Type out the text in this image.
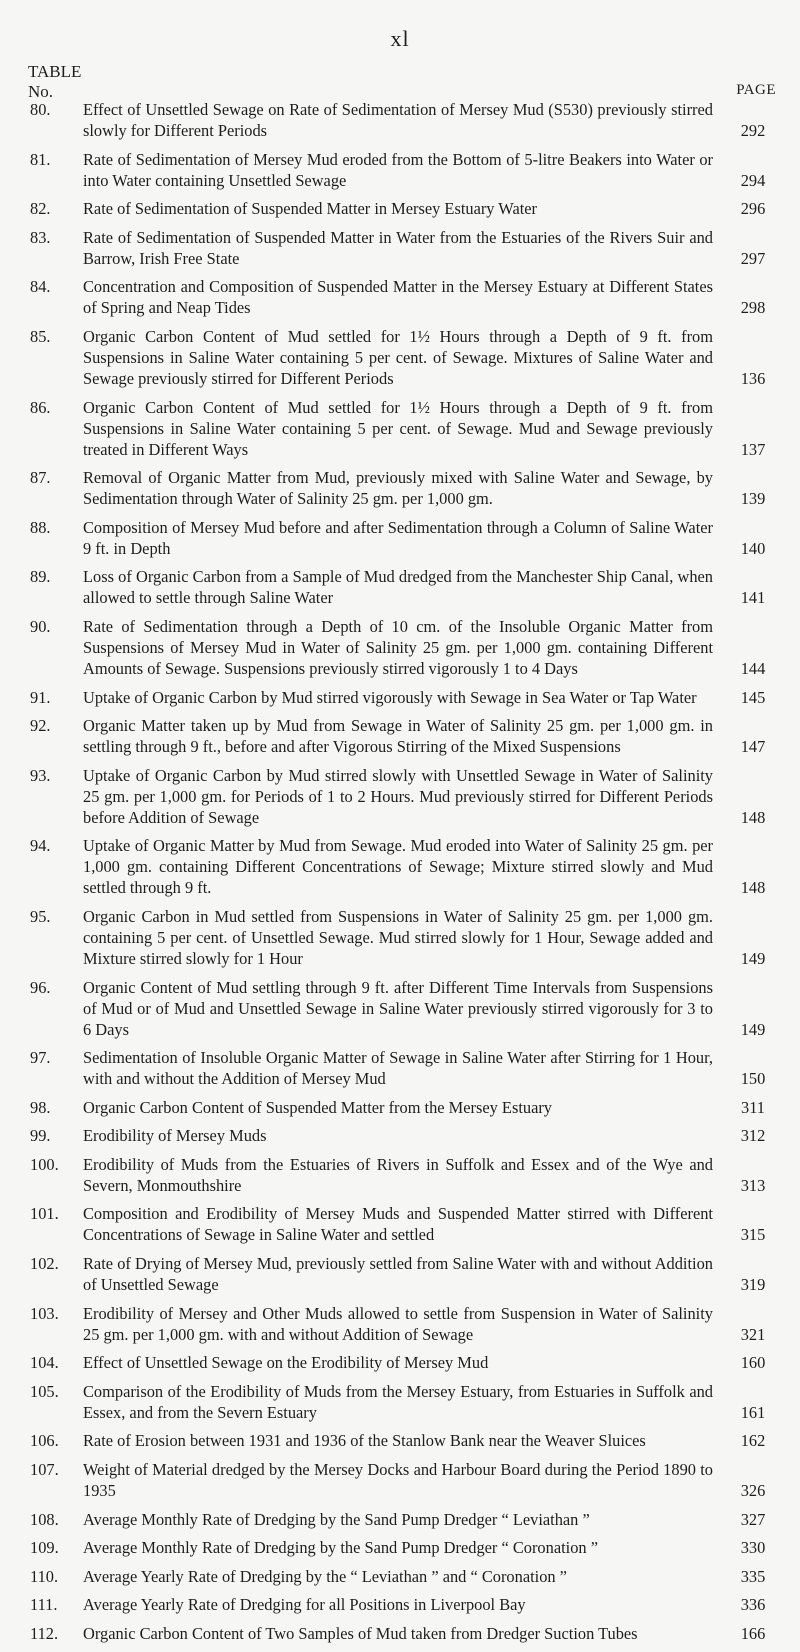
xl
TABLE
No.	PAGE
80.	Effect of Unsettled Sewage on Rate of Sedimentation of Mersey Mud (S530) previously stirred slowly for Different Periods	292
81.	Rate of Sedimentation of Mersey Mud eroded from the Bottom of 5-litre Beakers into Water or into Water containing Unsettled Sewage	294
82.	Rate of Sedimentation of Suspended Matter in Mersey Estuary Water	296
83.	Rate of Sedimentation of Suspended Matter in Water from the Estuaries of the Rivers Suir and Barrow, Irish Free State	297
84.	Concentration and Composition of Suspended Matter in the Mersey Estuary at Different States of Spring and Neap Tides	298
85.	Organic Carbon Content of Mud settled for 1½ Hours through a Depth of 9 ft. from Suspensions in Saline Water containing 5 per cent. of Sewage. Mixtures of Saline Water and Sewage previously stirred for Different Periods	136
86.	Organic Carbon Content of Mud settled for 1½ Hours through a Depth of 9 ft. from Suspensions in Saline Water containing 5 per cent. of Sewage. Mud and Sewage previously treated in Different Ways	137
87.	Removal of Organic Matter from Mud, previously mixed with Saline Water and Sewage, by Sedimentation through Water of Salinity 25 gm. per 1,000 gm.	139
88.	Composition of Mersey Mud before and after Sedimentation through a Column of Saline Water 9 ft. in Depth	140
89.	Loss of Organic Carbon from a Sample of Mud dredged from the Manchester Ship Canal, when allowed to settle through Saline Water	141
90.	Rate of Sedimentation through a Depth of 10 cm. of the Insoluble Organic Matter from Suspensions of Mersey Mud in Water of Salinity 25 gm. per 1,000 gm. containing Different Amounts of Sewage. Suspensions previously stirred vigorously 1 to 4 Days	144
91.	Uptake of Organic Carbon by Mud stirred vigorously with Sewage in Sea Water or Tap Water	145
92.	Organic Matter taken up by Mud from Sewage in Water of Salinity 25 gm. per 1,000 gm. in settling through 9 ft., before and after Vigorous Stirring of the Mixed Suspensions	147
93.	Uptake of Organic Carbon by Mud stirred slowly with Unsettled Sewage in Water of Salinity 25 gm. per 1,000 gm. for Periods of 1 to 2 Hours. Mud previously stirred for Different Periods before Addition of Sewage	148
94.	Uptake of Organic Matter by Mud from Sewage. Mud eroded into Water of Salinity 25 gm. per 1,000 gm. containing Different Concentrations of Sewage; Mixture stirred slowly and Mud settled through 9 ft.	148
95.	Organic Carbon in Mud settled from Suspensions in Water of Salinity 25 gm. per 1,000 gm. containing 5 per cent. of Unsettled Sewage. Mud stirred slowly for 1 Hour, Sewage added and Mixture stirred slowly for 1 Hour	149
96.	Organic Content of Mud settling through 9 ft. after Different Time Intervals from Suspensions of Mud or of Mud and Unsettled Sewage in Saline Water previously stirred vigorously for 3 to 6 Days	149
97.	Sedimentation of Insoluble Organic Matter of Sewage in Saline Water after Stirring for 1 Hour, with and without the Addition of Mersey Mud	150
98.	Organic Carbon Content of Suspended Matter from the Mersey Estuary	311
99.	Erodibility of Mersey Muds	312
100.	Erodibility of Muds from the Estuaries of Rivers in Suffolk and Essex and of the Wye and Severn, Monmouthshire	313
101.	Composition and Erodibility of Mersey Muds and Suspended Matter stirred with Different Concentrations of Sewage in Saline Water and settled	315
102.	Rate of Drying of Mersey Mud, previously settled from Saline Water with and without Addition of Unsettled Sewage	319
103.	Erodibility of Mersey and Other Muds allowed to settle from Suspension in Water of Salinity 25 gm. per 1,000 gm. with and without Addition of Sewage	321
104.	Effect of Unsettled Sewage on the Erodibility of Mersey Mud	160
105.	Comparison of the Erodibility of Muds from the Mersey Estuary, from Estuaries in Suffolk and Essex, and from the Severn Estuary	161
106.	Rate of Erosion between 1931 and 1936 of the Stanlow Bank near the Weaver Sluices	162
107.	Weight of Material dredged by the Mersey Docks and Harbour Board during the Period 1890 to 1935	326
108.	Average Monthly Rate of Dredging by the Sand Pump Dredger “ Leviathan ”	327
109.	Average Monthly Rate of Dredging by the Sand Pump Dredger “ Coronation ”	330
110.	Average Yearly Rate of Dredging by the “ Leviathan ” and “ Coronation ”	335
111.	Average Yearly Rate of Dredging for all Positions in Liverpool Bay	336
112.	Organic Carbon Content of Two Samples of Mud taken from Dredger Suction Tubes	166
